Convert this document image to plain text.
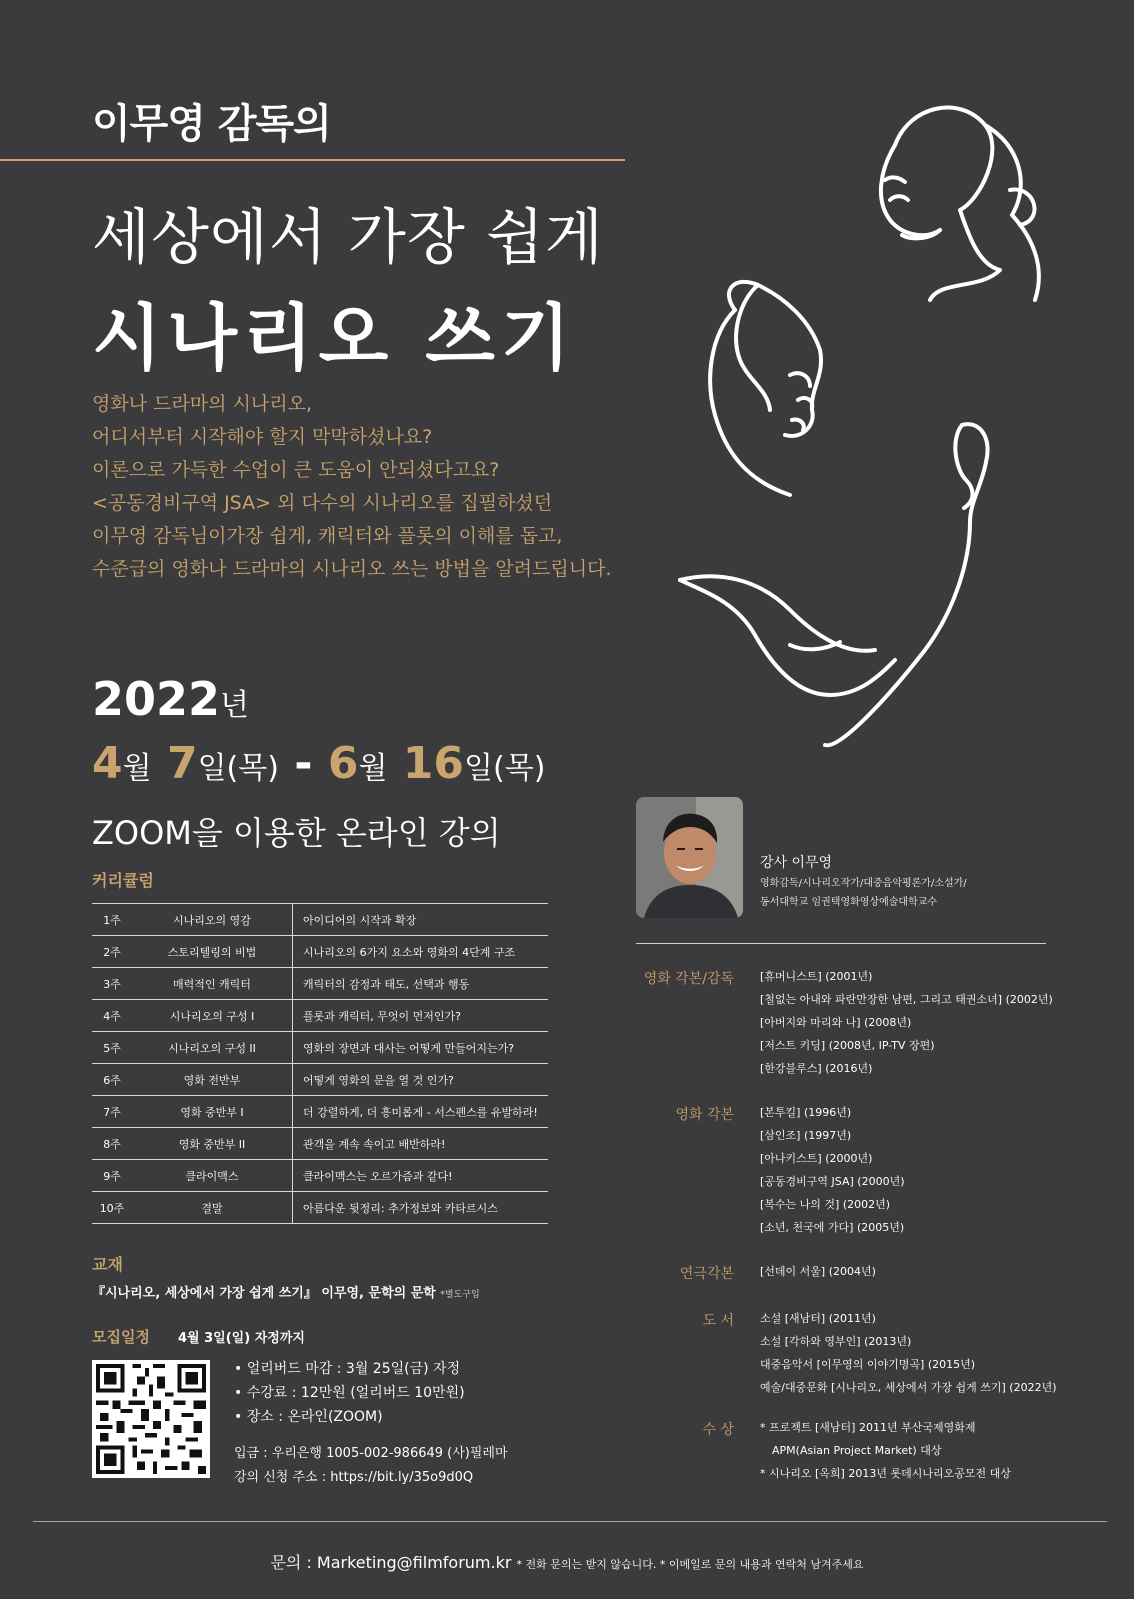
이무영 감독의
세상에서 가장 쉽게
시나리오 쓰기
영화나 드라마의 시나리오,
어디서부터 시작해야 할지 막막하셨나요?
이론으로 가득한 수업이 큰 도움이 안되셨다고요?
<공동경비구역 JSA> 외 다수의 시나리오를 집필하셨던
이무영 감독님이가장 쉽게, 캐릭터와 플롯의 이해를 돕고,
수준급의 영화나 드라마의 시나리오 쓰는 방법을 알려드립니다.
2022년
4월 7일(목) - 6월 16일(목)
ZOOM을 이용한 온라인 강의
커리큘럼
1주	시나리오의 영감	아이디어의 시작과 확장
2주	스토리텔링의 비법	시나리오의 6가지 요소와 영화의 4단계 구조
3주	매력적인 캐릭터	캐릭터의 감정과 태도, 선택과 행동
4주	시나리오의 구성 I	플롯과 캐릭터, 무엇이 먼저인가?
5주	시나리오의 구성 II	영화의 장면과 대사는 어떻게 만들어지는가?
6주	영화 전반부	어떻게 영화의 문을 열 것 인가?
7주	영화 중반부 I	더 강렬하게, 더 흥미롭게 - 서스펜스를 유발하라!
8주	영화 중반부 II	관객을 계속 속이고 배반하라!
9주	클라이맥스	클라이맥스는 오르가즘과 같다!
10주	결말	아름다운 뒷정리: 추가정보와 카타르시스
교재
『시나리오, 세상에서 가장 쉽게 쓰기』 이무영, 문학의 문학 *별도구입
모집일정 4월 3일(일) 자정까지
• 얼리버드 마감 : 3월 25일(금) 자정
• 수강료 : 12만원 (얼리버드 10만원)
• 장소 : 온라인(ZOOM)
입금 : 우리은행 1005-002-986649 (사)필레마
강의 신청 주소 : https://bit.ly/35o9d0Q
강사 이무영
영화감독/시나리오작가/대중음악평론가/소설가/
동서대학교 임권택영화영상예술대학교수
영화 각본/감독 [휴머니스트] (2001년)
[철없는 아내와 파란만장한 남편, 그리고 태권소녀] (2002년)
[아버지와 마리와 나] (2008년)
[저스트 키딩] (2008년, IP-TV 장편)
[한강블루스] (2016년)
영화 각본 [본투킬] (1996년)
[삼인조] (1997년)
[아나키스트] (2000년)
[공동경비구역 JSA] (2000년)
[복수는 나의 것] (2002년)
[소년, 천국에 가다] (2005년)
연극각본 [선데이 서울] (2004년)
도 서 소설 [새남터] (2011년)
소설 [각하와 영부인] (2013년)
대중음악서 [이무영의 이야기명곡] (2015년)
예술/대중문화 [시나리오, 세상에서 가장 쉽게 쓰기] (2022년)
수 상 * 프로젝트 [새남터] 2011년 부산국제영화제
APM(Asian Project Market) 대상
* 시나리오 [옥희] 2013년 롯데시나리오공모전 대상
문의 : Marketing@filmforum.kr * 전화 문의는 받지 않습니다. * 이메일로 문의 내용과 연락처 남겨주세요
